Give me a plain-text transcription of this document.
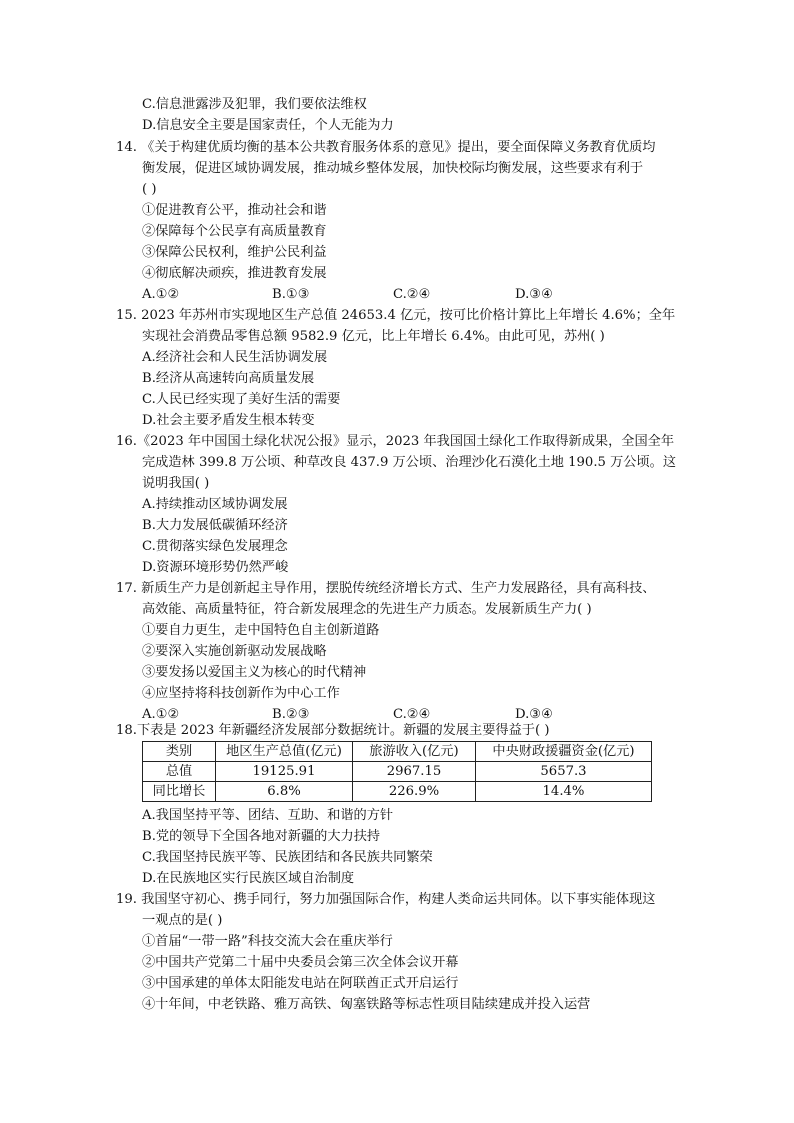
C.信息泄露涉及犯罪，我们要依法维权
D.信息安全主要是国家责任，个人无能为力
14. 《关于构建优质均衡的基本公共教育服务体系的意见》提出，要全面保障义务教育优质均
衡发展，促进区域协调发展，推动城乡整体发展，加快校际均衡发展，这些要求有利于
( )
①促进教育公平，推动社会和谐
②保障每个公民享有高质量教育
③保障公民权利，维护公民利益
④彻底解决顽疾，推进教育发展
A.①②	B.①③	C.②④	D.③④
15. 2023 年苏州市实现地区生产总值 24653.4 亿元，按可比价格计算比上年增长 4.6%；全年
实现社会消费品零售总额 9582.9 亿元，比上年增长 6.4%。由此可见，苏州( )
A.经济社会和人民生活协调发展
B.经济从高速转向高质量发展
C.人民已经实现了美好生活的需要
D.社会主要矛盾发生根本转变
16.《2023 年中国国土绿化状况公报》显示，2023 年我国国土绿化工作取得新成果，全国全年
完成造林 399.8 万公顷、种草改良 437.9 万公顷、治理沙化石漠化土地 190.5 万公顷。这
说明我国( )
A.持续推动区域协调发展
B.大力发展低碳循环经济
C.贯彻落实绿色发展理念
D.资源环境形势仍然严峻
17. 新质生产力是创新起主导作用，摆脱传统经济增长方式、生产力发展路径，具有高科技、
高效能、高质量特征，符合新发展理念的先进生产力质态。发展新质生产力( )
①要自力更生，走中国特色自主创新道路
②要深入实施创新驱动发展战略
③要发扬以爱国主义为核心的时代精神
④应坚持将科技创新作为中心工作
A.①②	B.②③	C.②④	D.③④
18.下表是 2023 年新疆经济发展部分数据统计。新疆的发展主要得益于( )
类别	地区生产总值(亿元)	旅游收入(亿元)	中央财政援疆资金(亿元)
总值	19125.91	2967.15	5657.3
同比增长	6.8%	226.9%	14.4%
A.我国坚持平等、团结、互助、和谐的方针
B.党的领导下全国各地对新疆的大力扶持
C.我国坚持民族平等、民族团结和各民族共同繁荣
D.在民族地区实行民族区域自治制度
19. 我国坚守初心、携手同行，努力加强国际合作，构建人类命运共同体。以下事实能体现这
一观点的是( )
①首届“一带一路”科技交流大会在重庆举行
②中国共产党第二十届中央委员会第三次全体会议开幕
③中国承建的单体太阳能发电站在阿联酋正式开启运行
④十年间，中老铁路、雅万高铁、匈塞铁路等标志性项目陆续建成并投入运营
